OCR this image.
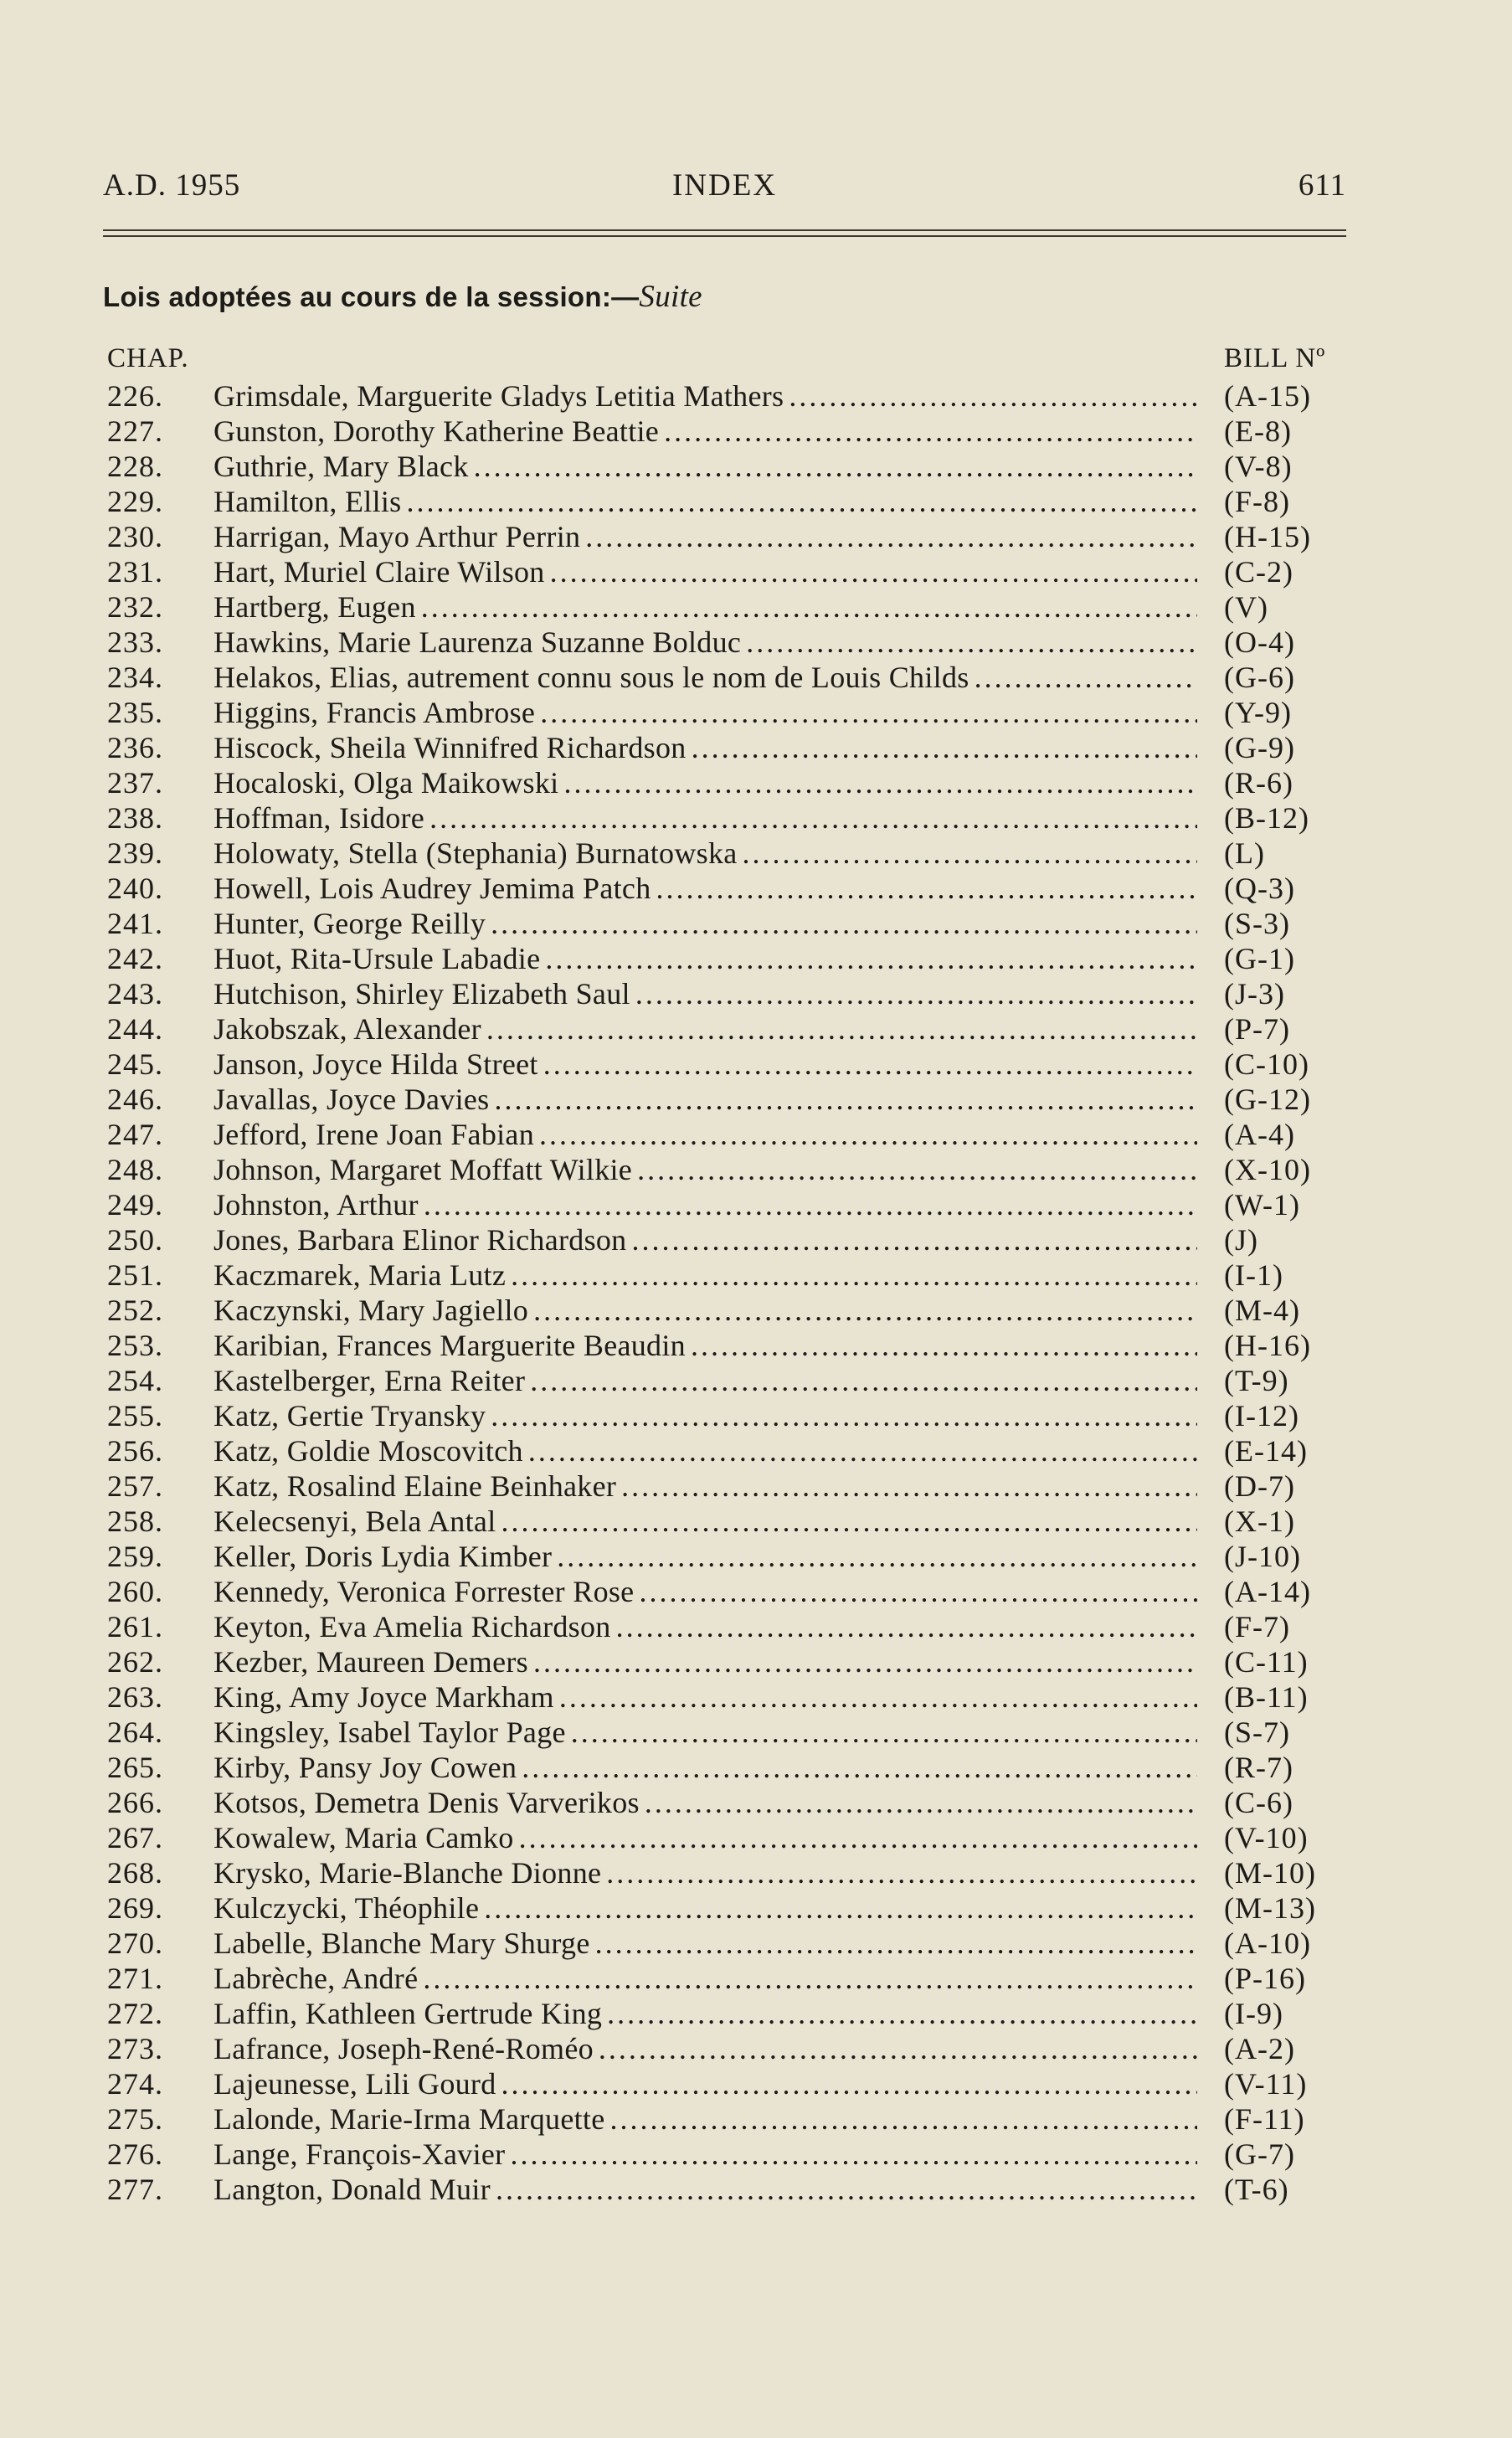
A.D. 1955	INDEX	611
Lois adoptées au cours de la session:—Suite
CHAP.	BILL Nº
226.	Grimsdale, Marguerite Gladys Letitia Mathers . . .	(A-15)
227.	Gunston, Dorothy Katherine Beattie . . .	(E-8)
228.	Guthrie, Mary Black . . .	(V-8)
229.	Hamilton, Ellis . . .	(F-8)
230.	Harrigan, Mayo Arthur Perrin . . .	(H-15)
231.	Hart, Muriel Claire Wilson . . .	(C-2)
232.	Hartberg, Eugen . . .	(V)
233.	Hawkins, Marie Laurenza Suzanne Bolduc . . .	(O-4)
234.	Helakos, Elias, autrement connu sous le nom de Louis Childs . . .	(G-6)
235.	Higgins, Francis Ambrose . . .	(Y-9)
236.	Hiscock, Sheila Winnifred Richardson . . .	(G-9)
237.	Hocaloski, Olga Maikowski . . .	(R-6)
238.	Hoffman, Isidore . . .	(B-12)
239.	Holowaty, Stella (Stephania) Burnatowska . . .	(L)
240.	Howell, Lois Audrey Jemima Patch . . .	(Q-3)
241.	Hunter, George Reilly . . .	(S-3)
242.	Huot, Rita-Ursule Labadie . . .	(G-1)
243.	Hutchison, Shirley Elizabeth Saul . . .	(J-3)
244.	Jakobszak, Alexander . . .	(P-7)
245.	Janson, Joyce Hilda Street . . .	(C-10)
246.	Javallas, Joyce Davies . . .	(G-12)
247.	Jefford, Irene Joan Fabian . . .	(A-4)
248.	Johnson, Margaret Moffatt Wilkie . . .	(X-10)
249.	Johnston, Arthur . . .	(W-1)
250.	Jones, Barbara Elinor Richardson . . .	(J)
251.	Kaczmarek, Maria Lutz . . .	(I-1)
252.	Kaczynski, Mary Jagiello . . .	(M-4)
253.	Karibian, Frances Marguerite Beaudin . . .	(H-16)
254.	Kastelberger, Erna Reiter . . .	(T-9)
255.	Katz, Gertie Tryansky . . .	(I-12)
256.	Katz, Goldie Moscovitch . . .	(E-14)
257.	Katz, Rosalind Elaine Beinhaker . . .	(D-7)
258.	Kelecsenyi, Bela Antal . . .	(X-1)
259.	Keller, Doris Lydia Kimber . . .	(J-10)
260.	Kennedy, Veronica Forrester Rose . . .	(A-14)
261.	Keyton, Eva Amelia Richardson . . .	(F-7)
262.	Kezber, Maureen Demers . . .	(C-11)
263.	King, Amy Joyce Markham . . .	(B-11)
264.	Kingsley, Isabel Taylor Page . . .	(S-7)
265.	Kirby, Pansy Joy Cowen . . .	(R-7)
266.	Kotsos, Demetra Denis Varverikos . . .	(C-6)
267.	Kowalew, Maria Camko . . .	(V-10)
268.	Krysko, Marie-Blanche Dionne . . .	(M-10)
269.	Kulczycki, Théophile . . .	(M-13)
270.	Labelle, Blanche Mary Shurge . . .	(A-10)
271.	Labrèche, André . . .	(P-16)
272.	Laffin, Kathleen Gertrude King . . .	(I-9)
273.	Lafrance, Joseph-René-Roméo . . .	(A-2)
274.	Lajeunesse, Lili Gourd . . .	(V-11)
275.	Lalonde, Marie-Irma Marquette . . .	(F-11)
276.	Lange, François-Xavier . . .	(G-7)
277.	Langton, Donald Muir . . .	(T-6)
